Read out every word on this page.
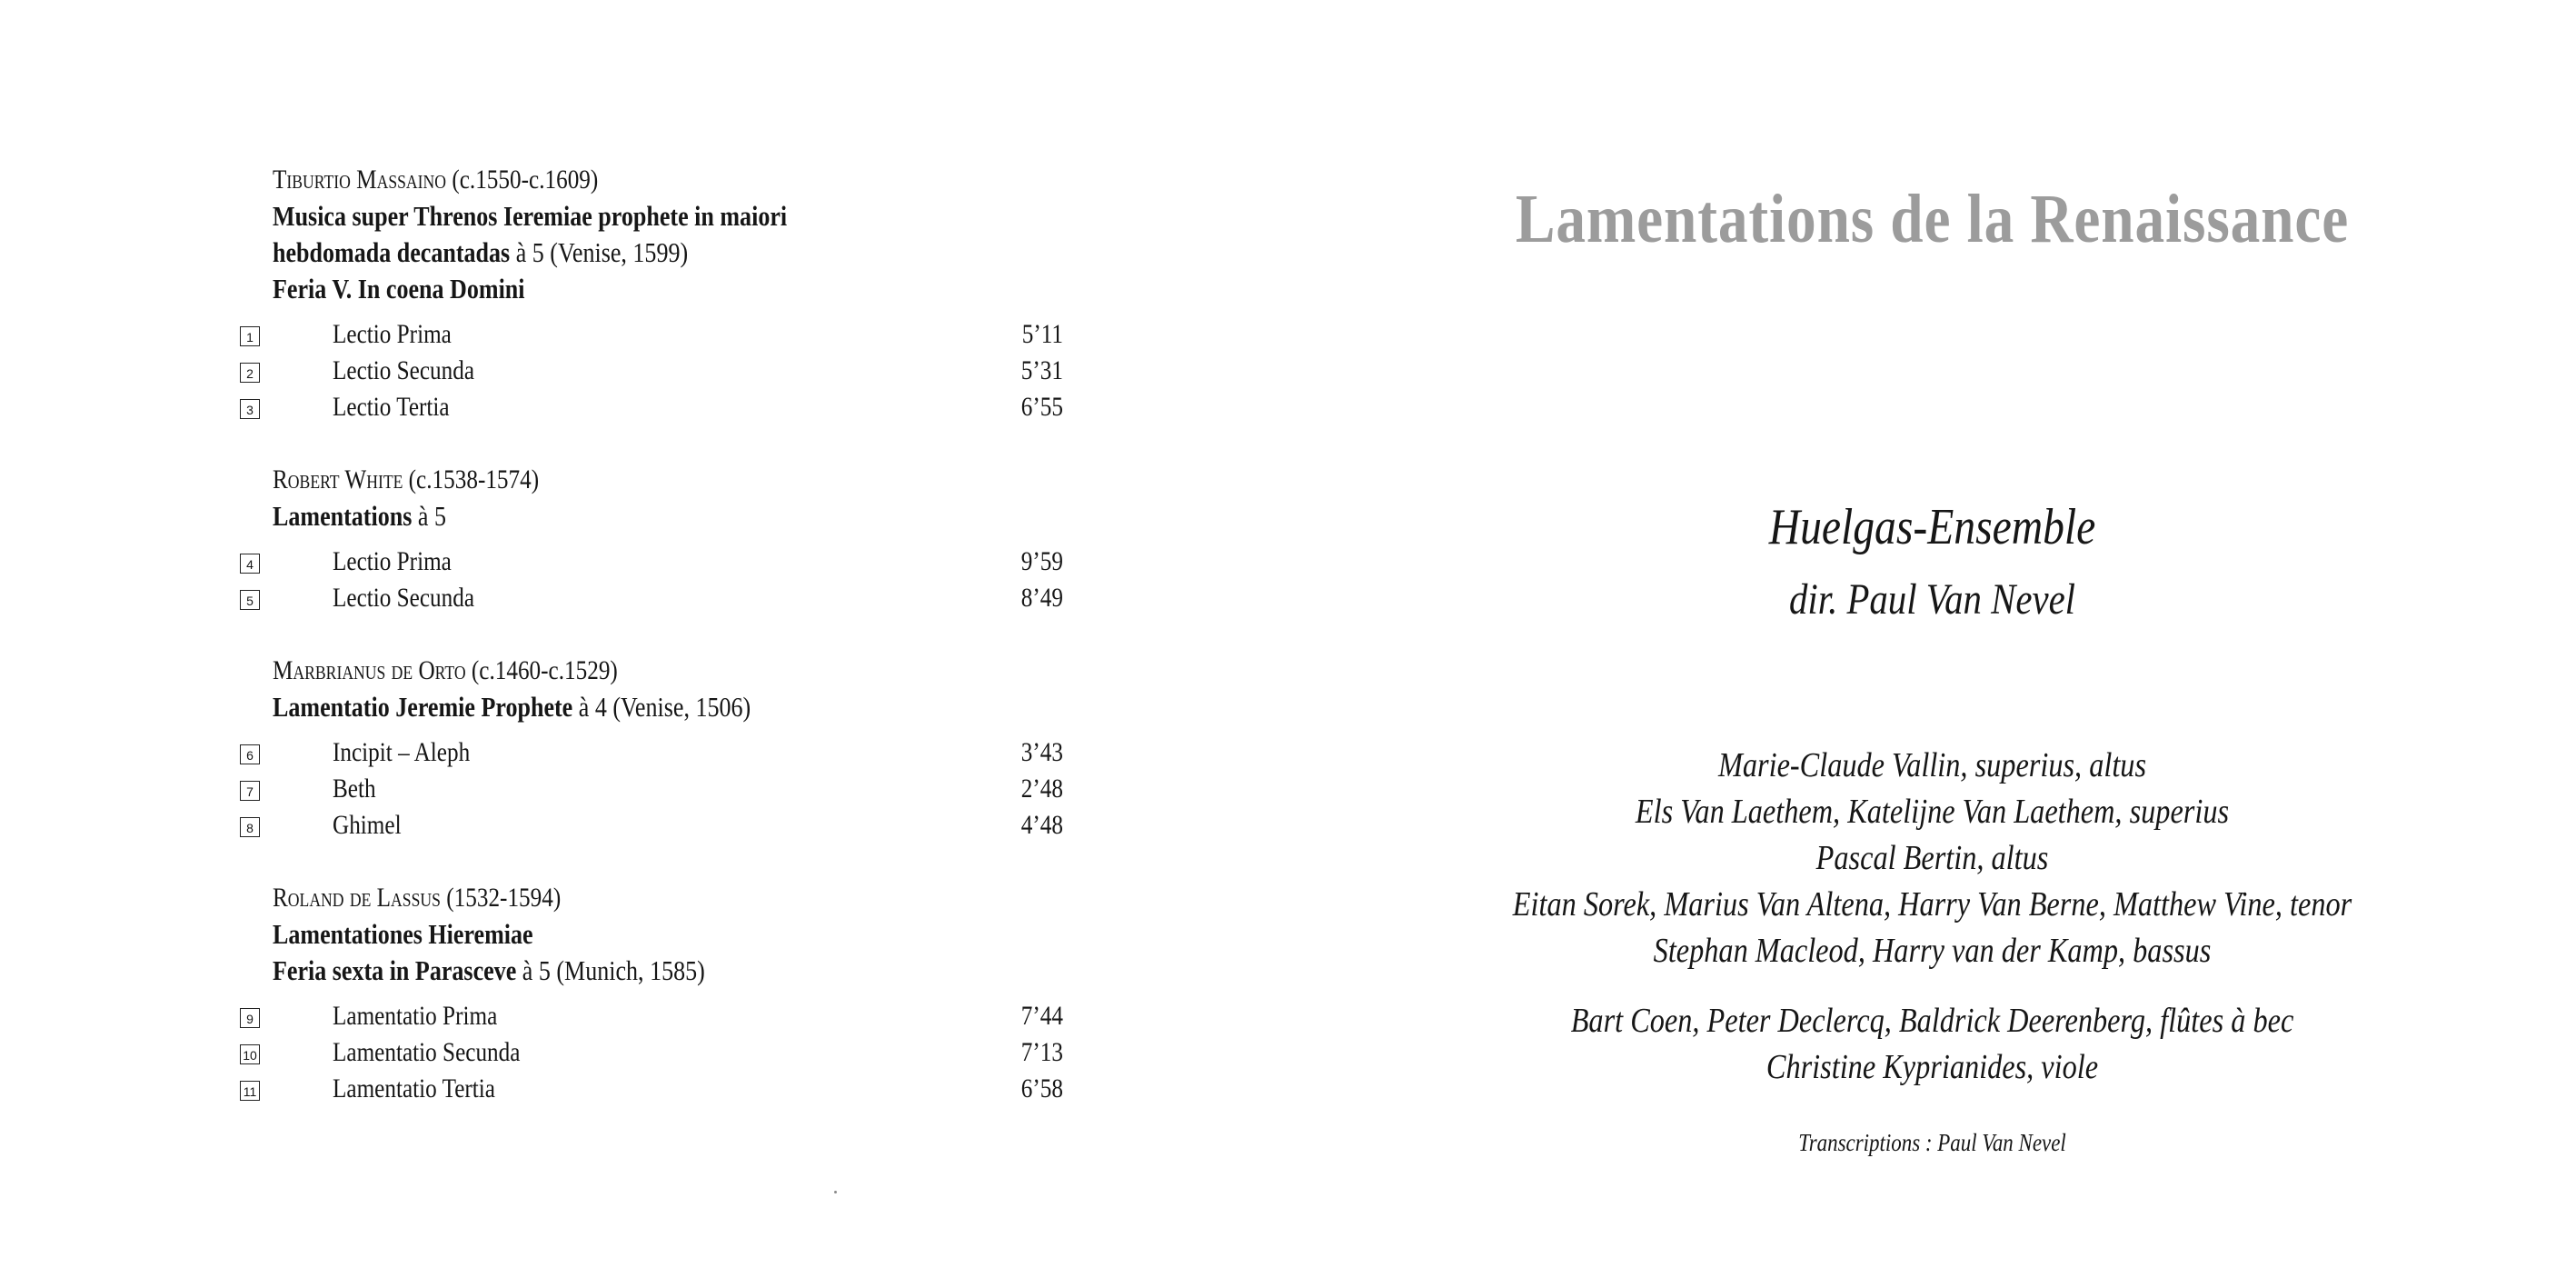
Tiburtio Massaino (c.1550-c.1609)
Musica super Threnos Ieremiae prophete in maiori
hebdomada decantadas à 5 (Venise, 1599)
Feria V. In coena Domini
1	Lectio Prima	5’11
2	Lectio Secunda	5’31
3	Lectio Tertia	6’55
Robert White (c.1538-1574)
Lamentations à 5
4	Lectio Prima	9’59
5	Lectio Secunda	8’49
Marbrianus de Orto (c.1460-c.1529)
Lamentatio Jeremie Prophete à 4 (Venise, 1506)
6	Incipit – Aleph	3’43
7	Beth	2’48
8	Ghimel	4’48
Roland de Lassus (1532-1594)
Lamentationes Hieremiae
Feria sexta in Parasceve à 5 (Munich, 1585)
9	Lamentatio Prima	7’44
10	Lamentatio Secunda	7’13
11	Lamentatio Tertia	6’58
Lamentations de la Renaissance
Huelgas-Ensemble
dir. Paul Van Nevel
Marie-Claude Vallin, superius, altus
Els Van Laethem, Katelijne Van Laethem, superius
Pascal Bertin, altus
Eitan Sorek, Marius Van Altena, Harry Van Berne, Matthew Vine, tenor
Stephan Macleod, Harry van der Kamp, bassus
Bart Coen, Peter Declercq, Baldrick Deerenberg, flûtes à bec
Christine Kyprianides, viole
Transcriptions : Paul Van Nevel
